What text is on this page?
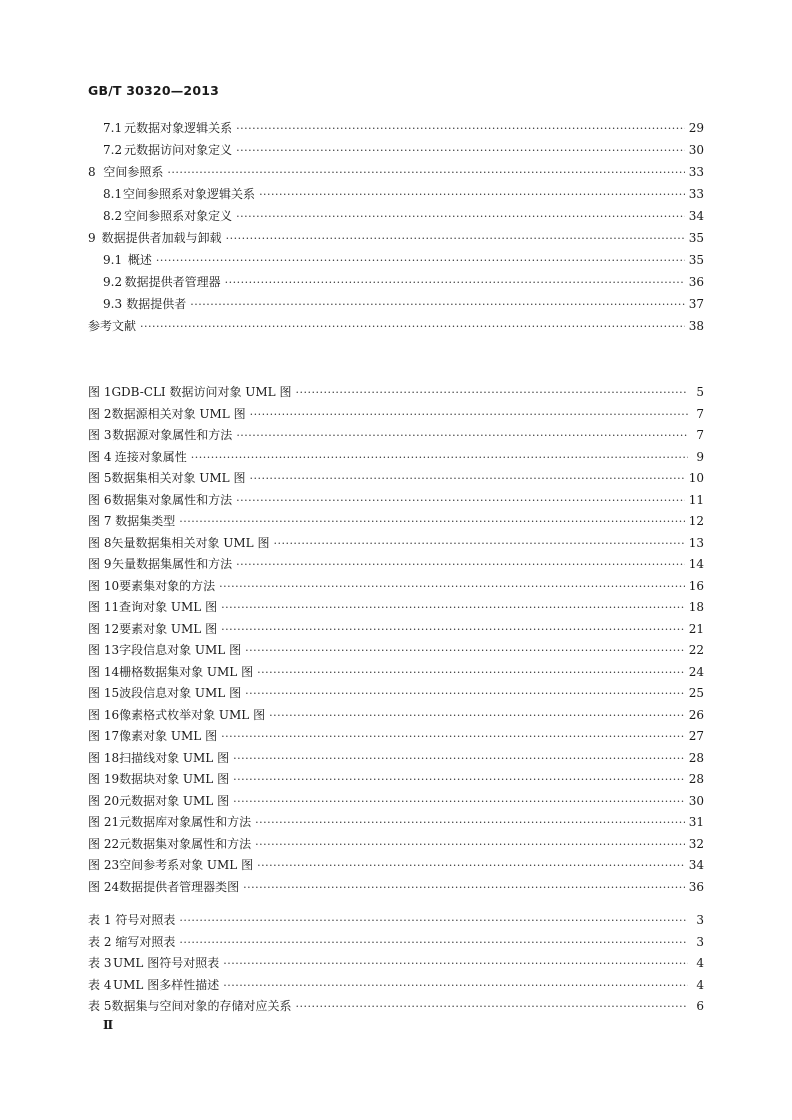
GB/T 30320—2013
7.1 元数据对象逻辑关系 ·····	29
7.2 元数据访问对象定义 ·····	30
8 空间参照系 ·····	33
8.1 空间参照系对象逻辑关系 ·····	33
8.2 空间参照系对象定义 ·····	34
9 数据提供者加载与卸载 ·····	35
9.1 概述 ·····	35
9.2 数据提供者管理器 ·····	36
9.3 数据提供者 ·····	37
参考文献 ·····	38
图 1 GDB-CLI 数据访问对象 UML 图 ·····	5
图 2 数据源相关对象 UML 图 ·····	7
图 3 数据源对象属性和方法 ·····	7
图 4 连接对象属性 ·····	9
图 5 数据集相关对象 UML 图 ·····	10
图 6 数据集对象属性和方法 ·····	11
图 7 数据集类型 ·····	12
图 8 矢量数据集相关对象 UML 图 ·····	13
图 9 矢量数据集属性和方法 ·····	14
图 10 要素集对象的方法 ·····	16
图 11 查询对象 UML 图 ·····	18
图 12 要素对象 UML 图 ·····	21
图 13 字段信息对象 UML 图 ·····	22
图 14 栅格数据集对象 UML 图 ·····	24
图 15 波段信息对象 UML 图 ·····	25
图 16 像素格式枚举对象 UML 图 ·····	26
图 17 像素对象 UML 图 ·····	27
图 18 扫描线对象 UML 图 ·····	28
图 19 数据块对象 UML 图 ·····	28
图 20 元数据对象 UML 图 ·····	30
图 21 元数据库对象属性和方法 ·····	31
图 22 元数据集对象属性和方法 ·····	32
图 23 空间参考系对象 UML 图 ·····	34
图 24 数据提供者管理器类图 ·····	36
表 1 符号对照表 ·····	3
表 2 缩写对照表 ·····	3
表 3 UML 图符号对照表 ·····	4
表 4 UML 图多样性描述 ·····	4
表 5 数据集与空间对象的存储对应关系 ·····	6
Ⅱ
